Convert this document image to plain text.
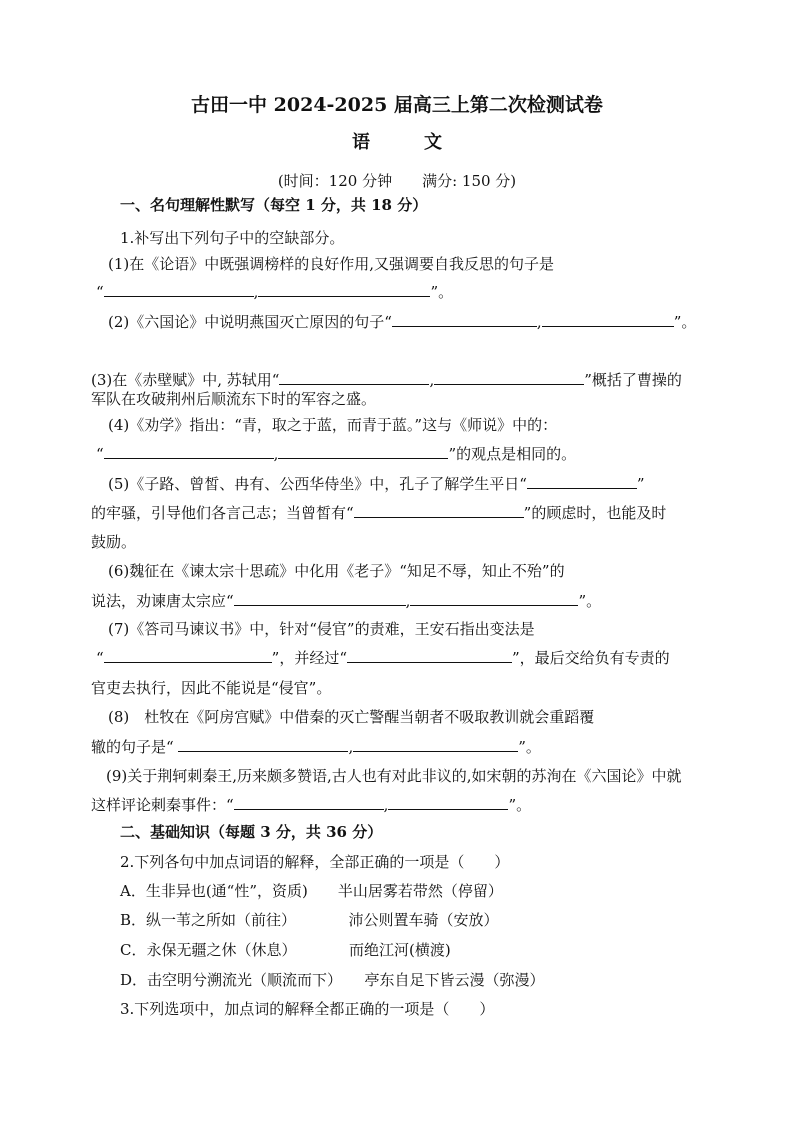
古田一中 2024-2025 届高三上第二次检测试卷
语	文
(时间：120 分钟　　满分: 150 分)
一、名句理解性默写（每空 1 分，共 18 分）
1.补写出下列句子中的空缺部分。
(1)在《论语》中既强调榜样的良好作用,又强调要自我反思的句子是
“	,	”。
(2)《六国论》中说明燕国灭亡原因的句子“	,	”。
(3)在《赤壁赋》中, 苏轼用“	,	”概括了曹操的
军队在攻破荆州后顺流东下时的军容之盛。
(4)《劝学》指出：“青，取之于蓝，而青于蓝。”这与《师说》中的：
“	,	”的观点是相同的。
(5)《子路、曾皙、冉有、公西华侍坐》中，孔子了解学生平日“	”
的牢骚，引导他们各言己志；当曾皙有“	”的顾虑时，也能及时
鼓励。
(6)魏征在《谏太宗十思疏》中化用《老子》“知足不辱，知止不殆”的
说法，劝谏唐太宗应“	,	”。
(7)《答司马谏议书》中，针对“侵官”的责难，王安石指出变法是
“	”，并经过“	”，最后交给负有专责的
官吏去执行，因此不能说是“侵官”。
(8)　杜牧在《阿房宫赋》中借秦的灭亡警醒当朝者不吸取教训就会重蹈覆
辙的句子是“	,	”。
(9)关于荆轲刺秦王,历来颇多赞语,古人也有对此非议的,如宋朝的苏洵在《六国论》中就
这样评论刺秦事件：“	,	”。
二、基础知识（每题 3 分，共 36 分）
2.下列各句中加点词语的解释，全部正确的一项是（　　）
A．生非异也(通“性”，资质)　　半山居雾若带然（停留）
B．纵一苇之所如（前往）　　　　沛公则置车骑（安放）
C．永保无疆之休（休息）　　　　而绝江河(横渡)
D．击空明兮溯流光（顺流而下）　　亭东自足下皆云漫（弥漫）
3.下列选项中，加点词的解释全都正确的一项是（　　）
